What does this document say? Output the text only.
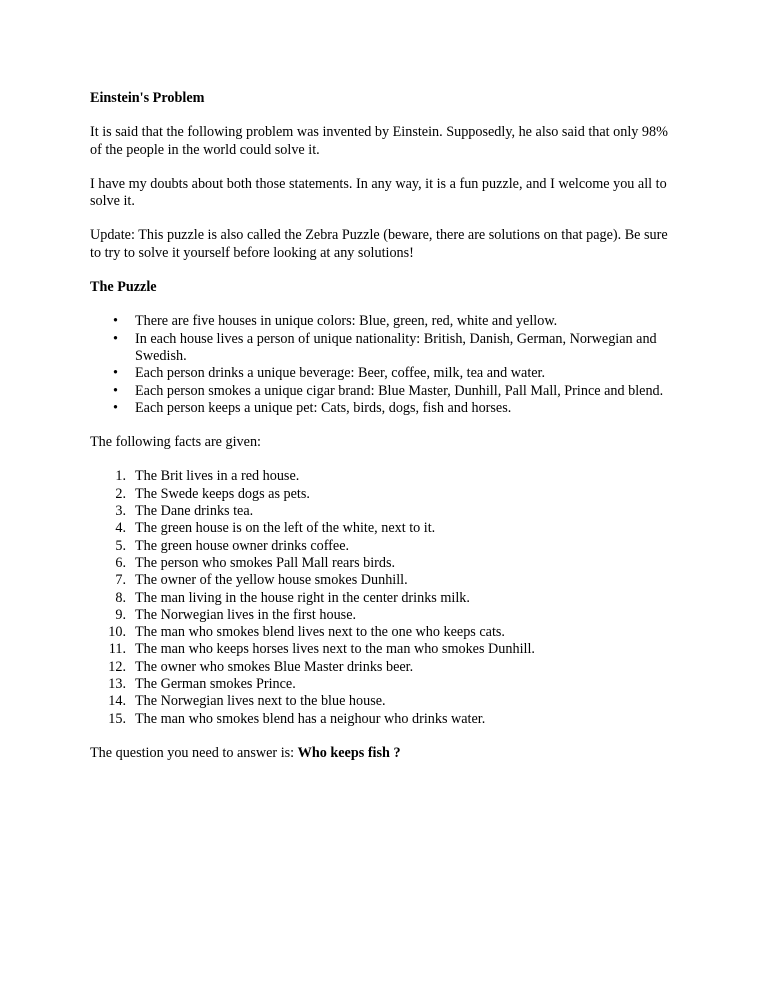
Einstein's Problem

It is said that the following problem was invented by Einstein. Supposedly, he also said that only 98% of the people in the world could solve it.

I have my doubts about both those statements. In any way, it is a fun puzzle, and I welcome you all to solve it.

Update: This puzzle is also called the Zebra Puzzle (beware, there are solutions on that page). Be sure to try to solve it yourself before looking at any solutions!

The Puzzle
• There are five houses in unique colors: Blue, green, red, white and yellow.
• In each house lives a person of unique nationality: British, Danish, German, Norwegian and Swedish.
• Each person drinks a unique beverage: Beer, coffee, milk, tea and water.
• Each person smokes a unique cigar brand: Blue Master, Dunhill, Pall Mall, Prince and blend.
• Each person keeps a unique pet: Cats, birds, dogs, fish and horses.

The following facts are given:

1. The Brit lives in a red house.
2. The Swede keeps dogs as pets.
3. The Dane drinks tea.
4. The green house is on the left of the white, next to it.
5. The green house owner drinks coffee.
6. The person who smokes Pall Mall rears birds.
7. The owner of the yellow house smokes Dunhill.
8. The man living in the house right in the center drinks milk.
9. The Norwegian lives in the first house.
10. The man who smokes blend lives next to the one who keeps cats.
11. The man who keeps horses lives next to the man who smokes Dunhill.
12. The owner who smokes Blue Master drinks beer.
13. The German smokes Prince.
14. The Norwegian lives next to the blue house.
15. The man who smokes blend has a neighour who drinks water.

The question you need to answer is: Who keeps fish ?
